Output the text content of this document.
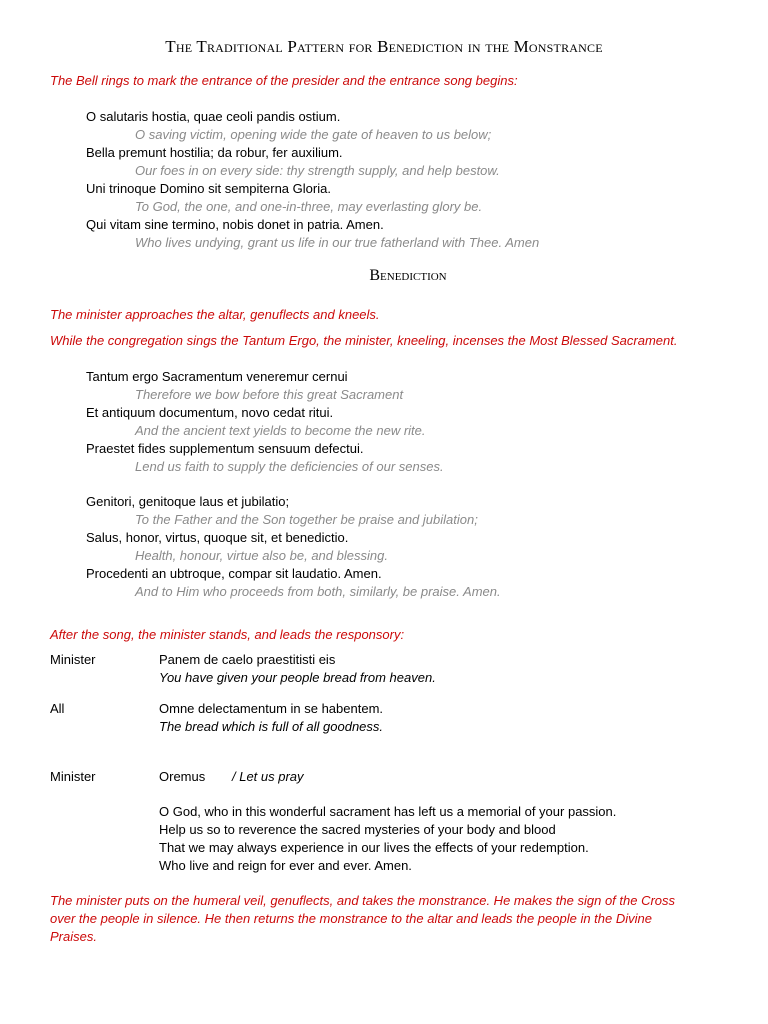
The Traditional Pattern for Benediction in the Monstrance
The Bell rings to mark the entrance of the presider and the entrance song begins:
O salutaris hostia, quae ceoli pandis ostium.
O saving victim, opening wide the gate of heaven to us below;
Bella premunt hostilia; da robur, fer auxilium.
Our foes in on every side: thy strength supply, and help bestow.
Uni trinoque Domino sit sempiterna Gloria.
To God, the one, and one-in-three, may everlasting glory be.
Qui vitam sine termino, nobis donet in patria. Amen.
Who lives undying, grant us life in our true fatherland with Thee. Amen
Benediction
The minister approaches the altar, genuflects and kneels.
While the congregation sings the Tantum Ergo, the minister, kneeling, incenses the Most Blessed Sacrament.
Tantum ergo Sacramentum veneremur cernui
Therefore we bow before this great Sacrament
Et antiquum documentum, novo cedat ritui.
And the ancient text yields to become the new rite.
Praestet fides supplementum sensuum defectui.
Lend us faith to supply the deficiencies of our senses.
Genitori, genitoque laus et jubilatio;
To the Father and the Son together be praise and jubilation;
Salus, honor, virtus, quoque sit, et benedictio.
Health, honour, virtue also be, and blessing.
Procedenti an ubtroque, compar sit laudatio. Amen.
And to Him who proceeds from both, similarly, be praise. Amen.
After the song, the minister stands, and leads the responsory:
Minister	Panem de caelo praestitisti eis
You have given your people bread from heaven.
All	Omne delectamentum in se habentem.
The bread which is full of all goodness.
Minister	Oremus / Let us pray
O God, who in this wonderful sacrament has left us a memorial of your passion.
Help us so to reverence the sacred mysteries of your body and blood
That we may always experience in our lives the effects of your redemption.
Who live and reign for ever and ever. Amen.
The minister puts on the humeral veil, genuflects, and takes the monstrance. He makes the sign of the Cross
over the people in silence. He then returns the monstrance to the altar and leads the people in the Divine
Praises.
